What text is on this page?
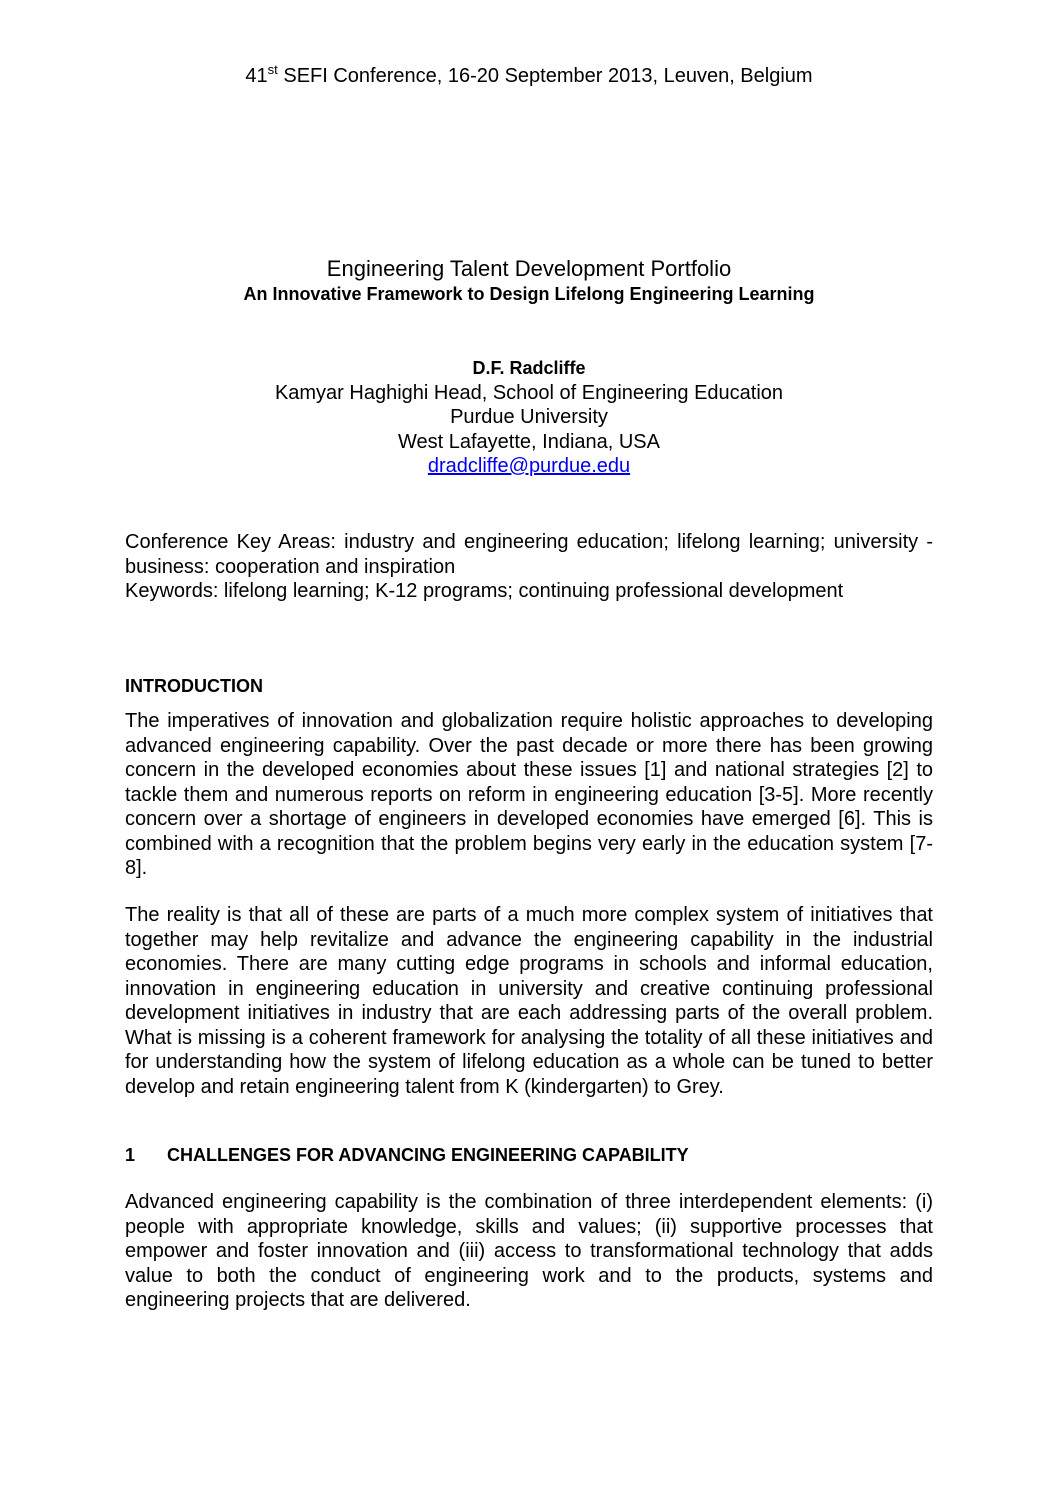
41st SEFI Conference, 16-20 September 2013, Leuven, Belgium
Engineering Talent Development Portfolio
An Innovative Framework to Design Lifelong Engineering Learning
D.F. Radcliffe
Kamyar Haghighi Head, School of Engineering Education
Purdue University
West Lafayette, Indiana, USA
dradcliffe@purdue.edu

Conference Key Areas: industry and engineering education; lifelong learning; university - business: cooperation and inspiration

Keywords: lifelong learning; K-12 programs; continuing professional development

INTRODUCTION

The imperatives of innovation and globalization require holistic approaches to developing advanced engineering capability. Over the past decade or more there has been growing concern in the developed economies about these issues [1] and national strategies [2] to tackle them and numerous reports on reform in engineering education [3-5]. More recently concern over a shortage of engineers in developed economies have emerged [6]. This is combined with a recognition that the problem begins very early in the education system [7-8].

The reality is that all of these are parts of a much more complex system of initiatives that together may help revitalize and advance the engineering capability in the industrial economies. There are many cutting edge programs in schools and informal education, innovation in engineering education in university and creative continuing professional development initiatives in industry that are each addressing parts of the overall problem. What is missing is a coherent framework for analysing the totality of all these initiatives and for understanding how the system of lifelong education as a whole can be tuned to better develop and retain engineering talent from K (kindergarten) to Grey.

1 CHALLENGES FOR ADVANCING ENGINEERING CAPABILITY

Advanced engineering capability is the combination of three interdependent elements: (i) people with appropriate knowledge, skills and values; (ii) supportive processes that empower and foster innovation and (iii) access to transformational technology that adds value to both the conduct of engineering work and to the products, systems and engineering projects that are delivered.
